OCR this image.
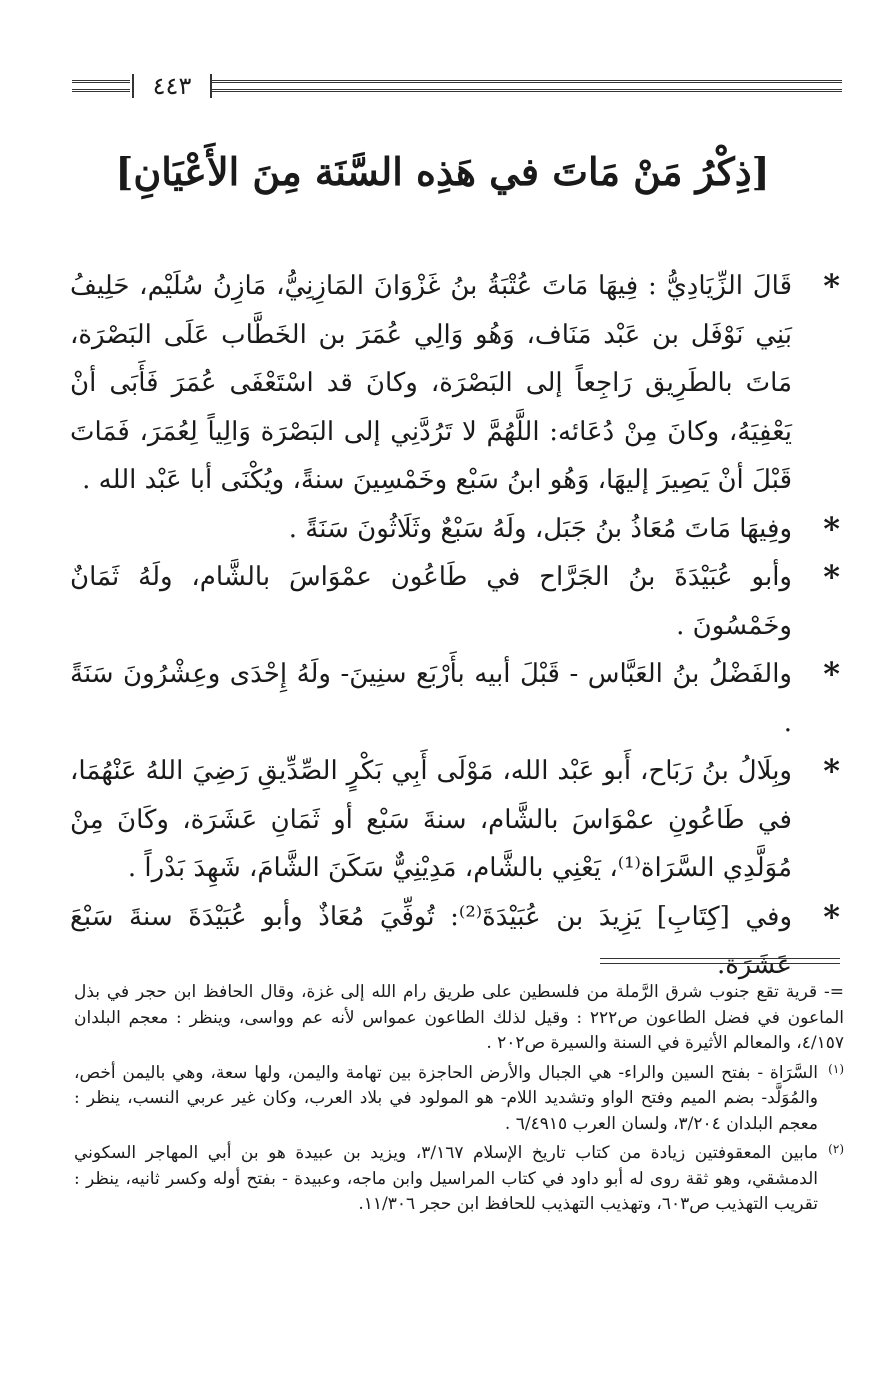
٤٤٣
[ذِكْرُ مَنْ مَاتَ في هَذِه السَّنَة مِنَ الأَعْيَانِ]

*
قَالَ الزِّيَادِيُّ : فِيهَا مَاتَ عُتْبَةُ بنُ غَزْوَانَ المَازِنِيُّ، مَازِنُ سُلَيْم، حَلِيفُ بَنِي نَوْفَل بن عَبْد مَنَاف، وَهُو وَالِي عُمَرَ بن الخَطَّاب عَلَى البَصْرَة، مَاتَ بالطَرِيق رَاجِعاً إلى البَصْرَة، وكانَ قد اسْتَعْفَى عُمَرَ فَأَبَى أنْ يَعْفِيَهُ، وكانَ مِنْ دُعَائه: اللَّهُمَّ لا تَرُدَّنِي إلى البَصْرَة وَالِياً لِعُمَرَ، فَمَاتَ قَبْلَ أنْ يَصِيرَ إليهَا، وَهُو ابنُ سَبْع وخَمْسِينَ سنةً، ويُكْنَى أبا عَبْد الله .

*
وفِيهَا مَاتَ مُعَاذُ بنُ جَبَل، ولَهُ سَبْعٌ وثَلَاثُونَ سَنَةً .

*
وأبو عُبَيْدَةَ بنُ الجَرَّاح في طَاعُون عمْوَاسَ بالشَّام، ولَهُ ثَمَانٌ وخَمْسُونَ .

*
والفَضْلُ بنُ العَبَّاس - قَبْلَ أبيه بأَرْبَع سنِينَ- ولَهُ إِحْدَى وعِشْرُونَ سَنَةً .

*
وبِلَالُ بنُ رَبَاح، أَبو عَبْد الله، مَوْلَى أَبِي بَكْرٍ الصِّدِّيقِ رَضِيَ اللهُ عَنْهُمَا، في طَاعُونِ عمْوَاسَ بالشَّام، سنةَ سَبْع أو ثَمَانِ عَشَرَة، وكَانَ مِنْ مُوَلَّدِي السَّرَاة⁽¹⁾، يَعْنِي بالشَّام، مَدِيْنِيٌّ سَكَنَ الشَّامَ، شَهِدَ بَدْراً .

*
وفي [كِتَابِ] يَزِيدَ بن عُبَيْدَةَ⁽²⁾: تُوفِّيَ مُعَاذٌ وأبو عُبَيْدَةَ سنةَ سَبْعَ عَشَرَة.

=- قرية تقع جنوب شرق الرَّملة من فلسطين على طريق رام الله إلى غزة، وقال الحافظ ابن حجر في بذل الماعون في فضل الطاعون ص٢٢٢ : وقيل لذلك الطاعون عمواس لأنه عم وواسى، وينظر : معجم البلدان ٤/١٥٧، والمعالم الأثيرة في السنة والسيرة ص٢٠٢ .

(١)
السَّرَاة - بفتح السين والراء- هي الجبال والأرض الحاجزة بين تهامة واليمن، ولها سعة، وهي باليمن أخص، والمُوَلَّد- بضم الميم وفتح الواو وتشديد اللام- هو المولود في بلاد العرب، وكان غير عربي النسب، ينظر : معجم البلدان ٣/٢٠٤، ولسان العرب ٦/٤٩١٥ .

(٢)
مابين المعقوفتين زيادة من كتاب تاريخ الإسلام ٣/١٦٧، ويزيد بن عبيدة هو بن أبي المهاجر السكوني الدمشقي، وهو ثقة روى له أبو داود في كتاب المراسيل وابن ماجه، وعبيدة - بفتح أوله وكسر ثانيه، ينظر : تقريب التهذيب ص٦٠٣، وتهذيب التهذيب للحافظ ابن حجر ١١/٣٠٦.
